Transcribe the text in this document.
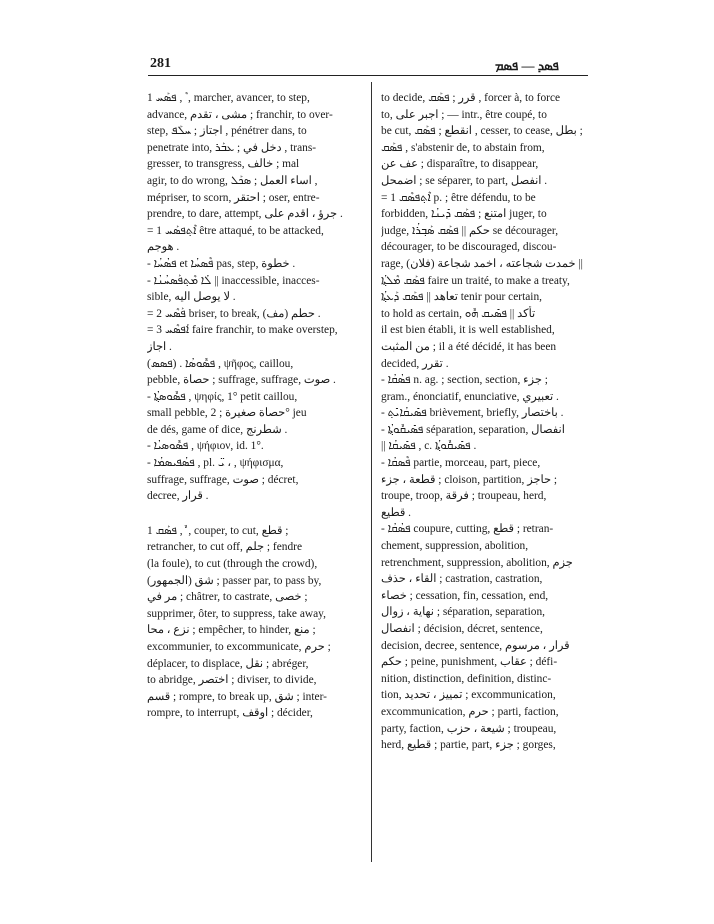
281	ܦܣܕ — ܦܣܡ
1 ܦܣܰܚ , ܶ , marcher, avancer, to step,
advance, مشى ، تقدم ; franchir, to over-
step, اجتاز ; ܚܠܰܦ , pénétrer dans, to
penetrate into, دخل في ; ܥܒܰܪ , trans-
gresser, to transgress, خالف ; mal
agir, to do wrong, اساء العمل ; ܣܟܰܠ ,
mépriser, to scorn, احتقر ; oser, entre-
prendre, to dare, attempt, جرؤ ، اقدم على .
= 1 ܐܶܬ݂ܦܣܰܚ être attaqué, to be attacked,
هوجم .
- ܦܣܳܚܳܐ et ܦܶܣܚܳܐ pas, step, خطوة .
- ܠܳܐ ܡܶܬ݂ܦܰܣܚܳܢܳܐ || inaccessible, inacces-
sible, لا يوصل اليه .
= 2 ܦܰܣܶܚ briser, to break, حطم (مف) .
= 3 ܐܰܦܣܶܚ faire franchir, to make overstep,
اجاز .
ܦܣܽܘܣܳܐ . (ܦܣܣ) , ψῆφος, caillou,
pebble, حصاة ; suffrage, suffrage, صوت .
- ܦܣܽܘܣܬ݂ܳܐ , ψηφίς, 1° petit caillou,
small pebble, حصاة صغيرة ; 2° jeu
de dés, game of dice, شطرنج .
- ܦܣܽܘܣܝܳܐ , ψήφιον, id. 1°.
- ܦܣܳܦܝܣܡܳܐ , pl. ܝ̈ ، , ψήφισμα,
suffrage, suffrage, صوت ; décret,
decree, قرار .
1 ܦܣܰܩ , ܽ , couper, to cut, قطع ;
retrancher, to cut off, جلم ; fendre
(la foule), to cut (through the crowd),
شق (الجمهور) ; passer par, to pass by,
مر في ; châtrer, to castrate, خصى ;
supprimer, ôter, to suppress, take away,
نزع ، محا ; empêcher, to hinder, منع ;
excommunier, to excommunicate, حرم ;
déplacer, to displace, نقل ; abréger,
to abridge, اختصر ; diviser, to divide,
قسم ; rompre, to break up, شق ; inter-
rompre, to interrupt, اوقف ; décider,
to decide, قرر ; ܦܣܰܩ , forcer à, to force
to, اجبر على ; — intr., être coupé, to
be cut, انقطع ; ܦܣܰܩ , cesser, to cease, بطل ;
ܦܣܰܩ , s'abstenir de, to abstain from,
عف عن ; disparaître, to disappear,
اضمحل ; se séparer, to part, انفصل .
= 1 ܐܶܬ݂ܦܣܶܩ p. ; être défendu, to be
forbidden, امتنع ; ܦܣܰܩ ܕܺܝܢܳܐ juger, to
judge, حكم || ܦܣܰܩ ܣܰܒ݂ܪܳܐ se décourager,
décourager, to be discouraged, discou-
rage, خمدت شجاعته ، اخمد شجاعة (فلان) ||
ܦܣܰܩ ܡܶܠܬ݂ܳܐ faire un traité, to make a treaty,
تعاهد || ܦܣܰܩ ܕܰܥܬ݂ܳܐ tenir pour certain,
to hold as certain, تأكد || ܦܣܺܝܩ ܗܽܘ
il est bien établi, it is well established,
من المثبت ; il a été décidé, it has been
decided, تقرر .
- ܦܣܳܩܳܐ n. ag. ; section, section, جزء ;
gram., énonciatif, enunciative, تعبيري .
- ܦܣܺܝܩܳܐܝܺܬ݂ brièvement, briefly, باختصار .
- ܦܣܺܝܩܽܘܬ݂ܳܐ séparation, separation, انفصال
|| ܦܣܺܝܩܳܐ , c. ܦܣܺܝܩܽܘܬ݂ܳܐ .
- ܦܶܣܩܳܐ partie, morceau, part, piece,
قطعة ، جزء ; cloison, partition, حاجز ;
troupe, troop, فرقة ; troupeau, herd,
قطيع .
- ܦܣܳܩܳܐ coupure, cutting, قطع ; retran-
chement, suppression, abolition,
retrenchment, suppression, abolition, جزم
القاء ، حذف ; castration, castration,
خصاء ; cessation, fin, cessation, end,
نهاية ، زوال ; séparation, separation,
انفصال ; décision, décret, sentence,
decision, decree, sentence, قرار ، مرسوم
حكم ; peine, punishment, عقاب ; défi-
nition, distinction, definition, distinc-
tion, تمييز ، تحديد ; excommunication,
excommunication, حرم ; parti, faction,
party, faction, شيعة ، حزب ; troupeau,
herd, قطيع ; partie, part, جزء ; gorges,
